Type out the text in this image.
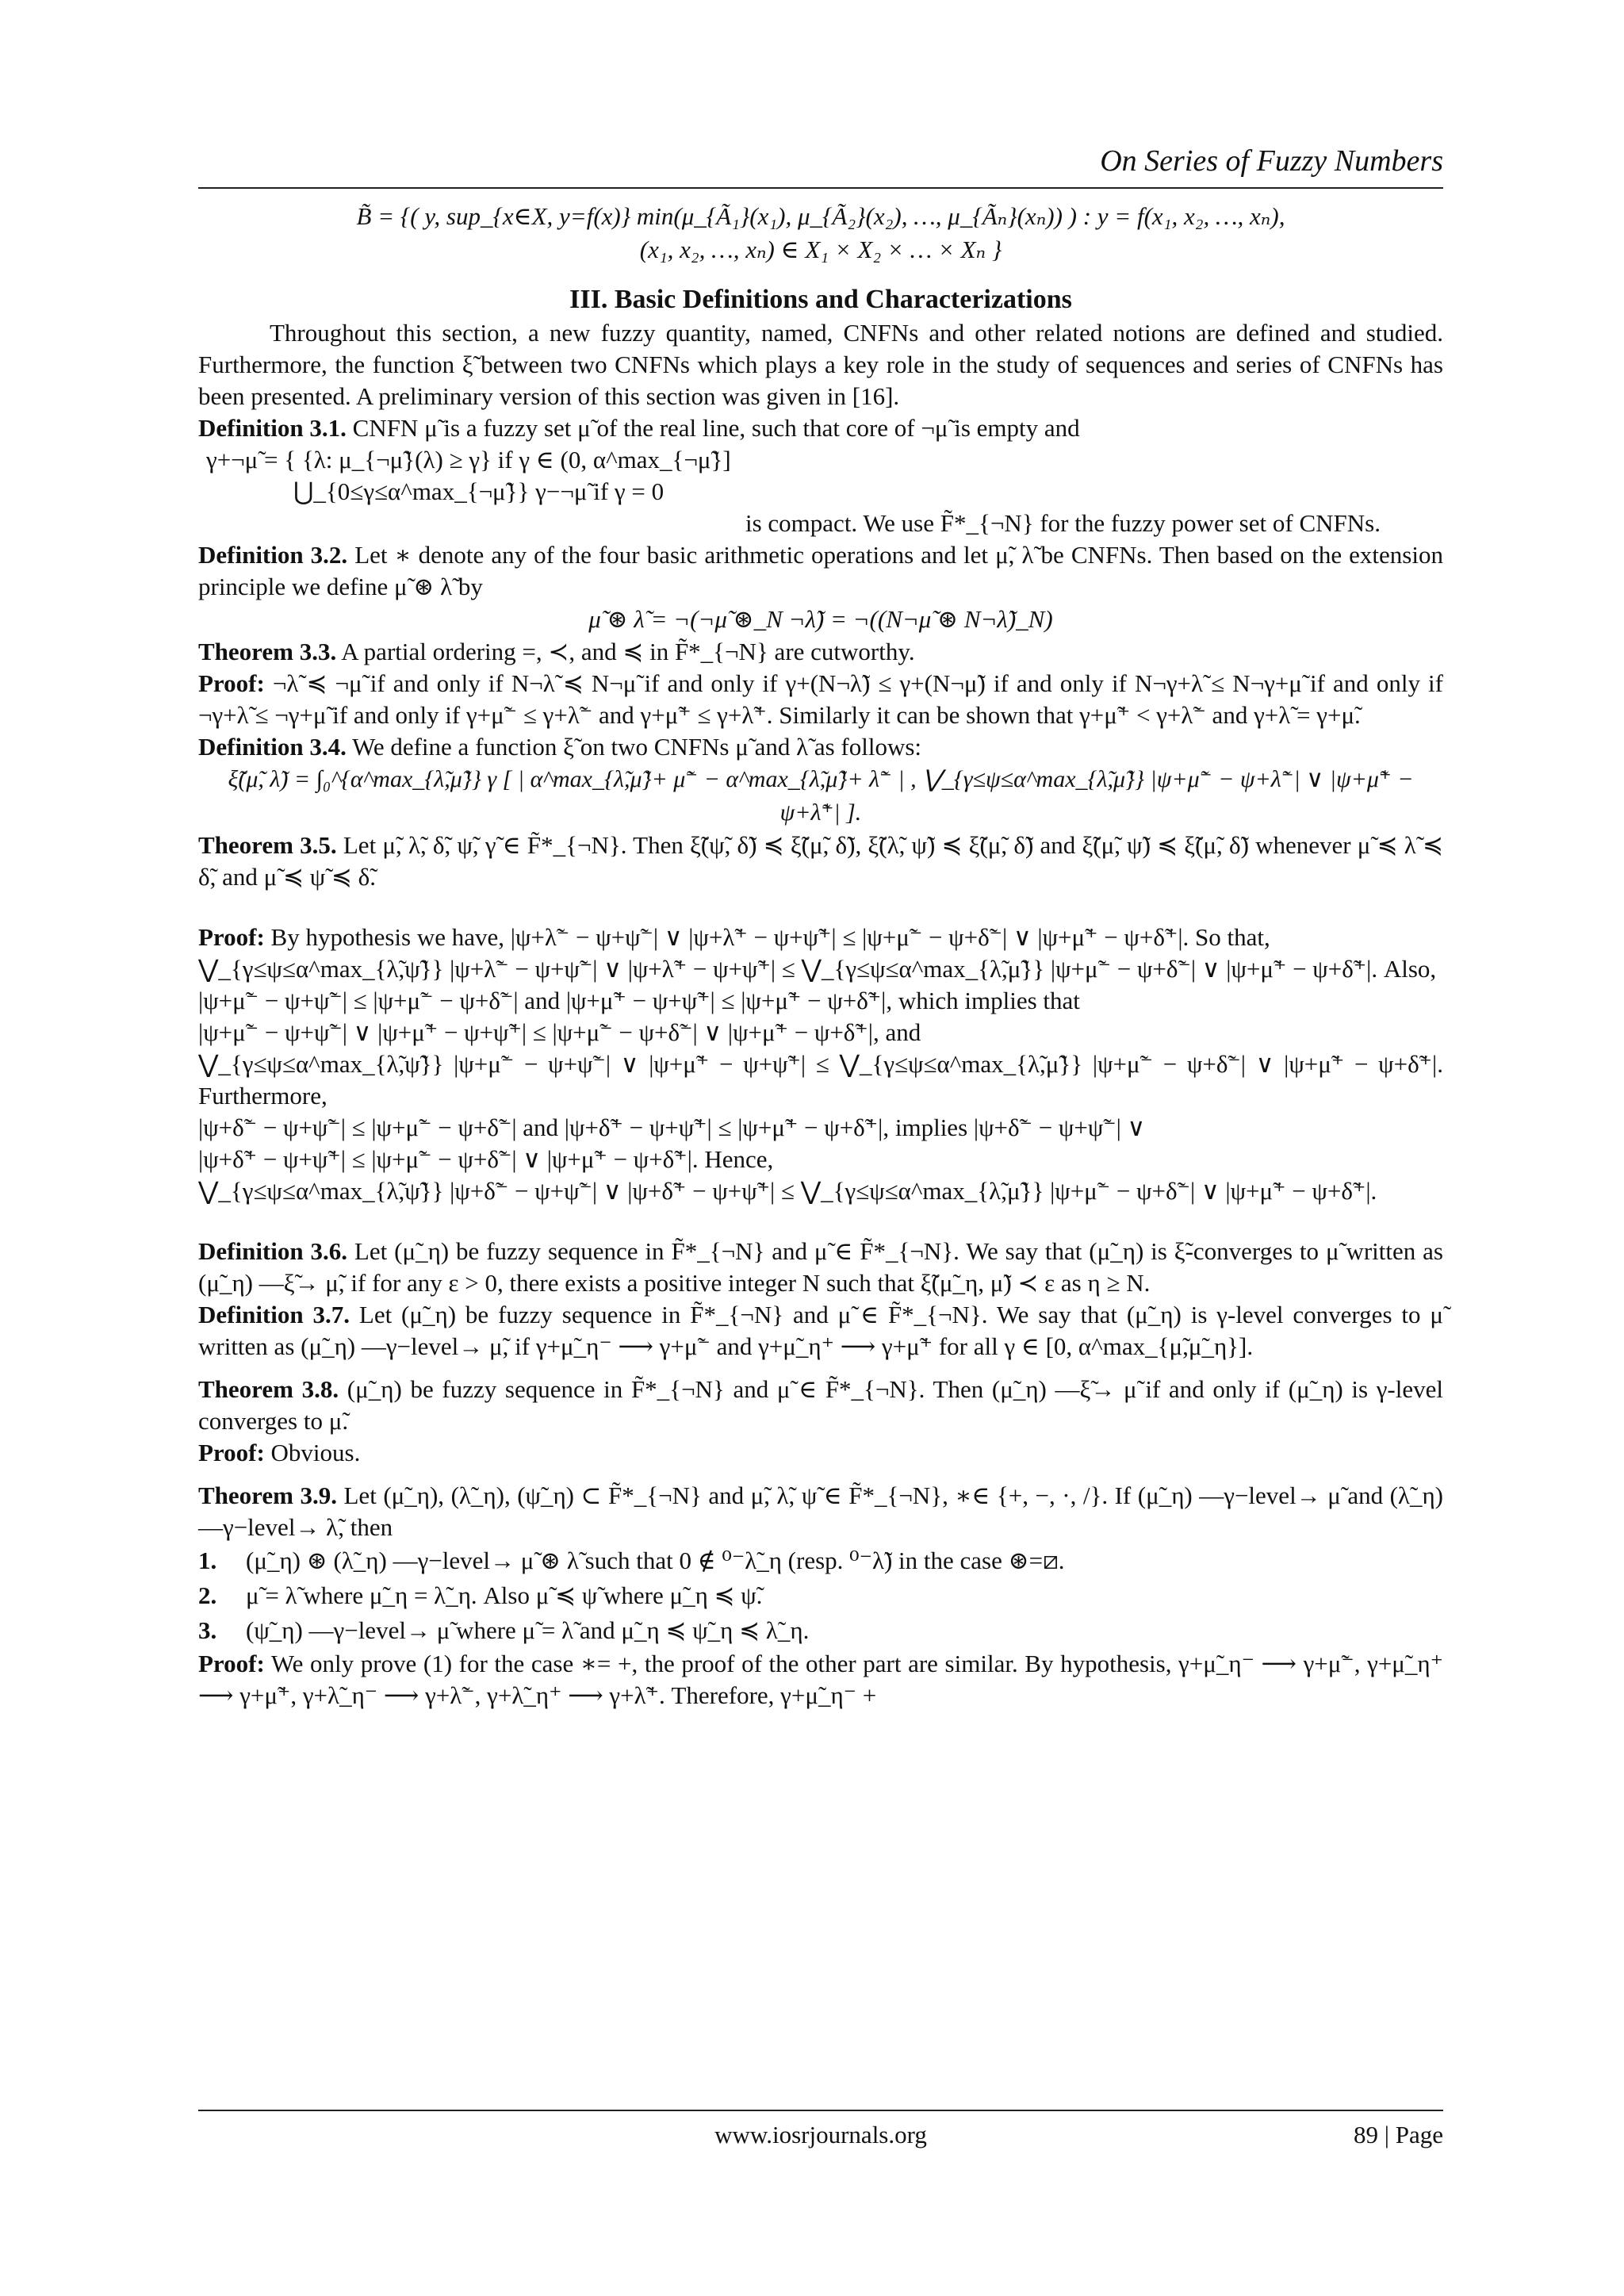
On Series of Fuzzy Numbers
B̃ = {( y, sup_{x∈X, y=f(x)} min(μ_{Ã₁}(x₁), μ_{Ã₂}(x₂), …, μ_{Ãₙ}(xₙ)) ) : y = f(x₁, x₂, …, xₙ),
(x₁, x₂, …, xₙ) ∈ X₁ × X₂ × … × Xₙ }
III. Basic Definitions and Characterizations

Throughout this section, a new fuzzy quantity, named, CNFNs and other related notions are defined and studied. Furthermore, the function ξ̃ between two CNFNs which plays a key role in the study of sequences and series of CNFNs has been presented. A preliminary version of this section was given in [16].

Definition 3.1. CNFN μ̃ is a fuzzy set μ̃ of the real line, such that core of ¬μ̃ is empty and

γ+¬μ̃ = { {λ: μ_{¬μ̃}(λ) ≥ γ} if γ ∈ (0, α^max_{¬μ̃}]

⋃_{0≤γ≤α^max_{¬μ̃}} γ−¬μ̃ if γ = 0

is compact. We use F̃*_{¬N} for the fuzzy power set of CNFNs.

Definition 3.2. Let ∗ denote any of the four basic arithmetic operations and let μ̃, λ̃ be CNFNs. Then based on the extension principle we define μ̃ ⊛ λ̃ by

μ̃ ⊛ λ̃ = ¬(¬μ̃ ⊛_N ¬λ̃) = ¬((N¬μ̃ ⊛ N¬λ̃)_N)

Theorem 3.3. A partial ordering =, ≺, and ≼ in F̃*_{¬N} are cutworthy.

Proof: ¬λ̃ ≼ ¬μ̃ if and only if N¬λ̃ ≼ N¬μ̃ if and only if γ+(N¬λ̃) ≤ γ+(N¬μ̃) if and only if N¬γ+λ̃ ≤ N¬γ+μ̃ if and only if ¬γ+λ̃ ≤ ¬γ+μ̃ if and only if γ+μ̃⁻ ≤ γ+λ̃⁻ and γ+μ̃⁺ ≤ γ+λ̃⁺. Similarly it can be shown that γ+μ̃⁺ < γ+λ̃⁻ and γ+λ̃ = γ+μ̃.

Definition 3.4. We define a function ξ̃ on two CNFNs μ̃ and λ̃ as follows:

ξ̃(μ̃, λ̃) = ∫₀^{α^max_{λ̃,μ̃}} γ [ | α^max_{λ̃,μ̃}+ μ̃⁻ − α^max_{λ̃,μ̃}+ λ̃⁻ | , ⋁_{γ≤ψ≤α^max_{λ̃,μ̃}} |ψ+μ̃⁻ − ψ+λ̃⁻| ∨ |ψ+μ̃⁺ − ψ+λ̃⁺| ].

Theorem 3.5. Let μ̃, λ̃, δ̃, ψ̃, γ̃ ∈ F̃*_{¬N}. Then ξ̃(ψ̃, δ̃) ≼ ξ̃(μ̃, δ̃), ξ̃(λ̃, ψ̃) ≼ ξ̃(μ̃, δ̃) and ξ̃(μ̃, ψ̃) ≼ ξ̃(μ̃, δ̃) whenever μ̃ ≼ λ̃ ≼ δ̃, and μ̃ ≼ ψ̃ ≼ δ̃.

Proof: By hypothesis we have, |ψ+λ̃⁻ − ψ+ψ̃⁻| ∨ |ψ+λ̃⁺ − ψ+ψ̃⁺| ≤ |ψ+μ̃⁻ − ψ+δ̃⁻| ∨ |ψ+μ̃⁺ − ψ+δ̃⁺|. So that,

⋁_{γ≤ψ≤α^max_{λ̃,ψ̃}} |ψ+λ̃⁻ − ψ+ψ̃⁻| ∨ |ψ+λ̃⁺ − ψ+ψ̃⁺| ≤ ⋁_{γ≤ψ≤α^max_{λ̃,μ̃}} |ψ+μ̃⁻ − ψ+δ̃⁻| ∨ |ψ+μ̃⁺ − ψ+δ̃⁺|. Also,

|ψ+μ̃⁻ − ψ+ψ̃⁻| ≤ |ψ+μ̃⁻ − ψ+δ̃⁻| and |ψ+μ̃⁺ − ψ+ψ̃⁺| ≤ |ψ+μ̃⁺ − ψ+δ̃⁺|, which implies that

|ψ+μ̃⁻ − ψ+ψ̃⁻| ∨ |ψ+μ̃⁺ − ψ+ψ̃⁺| ≤ |ψ+μ̃⁻ − ψ+δ̃⁻| ∨ |ψ+μ̃⁺ − ψ+δ̃⁺|, and

⋁_{γ≤ψ≤α^max_{λ̃,ψ̃}} |ψ+μ̃⁻ − ψ+ψ̃⁻| ∨ |ψ+μ̃⁺ − ψ+ψ̃⁺| ≤ ⋁_{γ≤ψ≤α^max_{λ̃,μ̃}} |ψ+μ̃⁻ − ψ+δ̃⁻| ∨ |ψ+μ̃⁺ − ψ+δ̃⁺|. Furthermore,

|ψ+δ̃⁻ − ψ+ψ̃⁻| ≤ |ψ+μ̃⁻ − ψ+δ̃⁻| and |ψ+δ̃⁺ − ψ+ψ̃⁺| ≤ |ψ+μ̃⁺ − ψ+δ̃⁺|, implies |ψ+δ̃⁻ − ψ+ψ̃⁻| ∨

|ψ+δ̃⁺ − ψ+ψ̃⁺| ≤ |ψ+μ̃⁻ − ψ+δ̃⁻| ∨ |ψ+μ̃⁺ − ψ+δ̃⁺|. Hence,

⋁_{γ≤ψ≤α^max_{λ̃,ψ̃}} |ψ+δ̃⁻ − ψ+ψ̃⁻| ∨ |ψ+δ̃⁺ − ψ+ψ̃⁺| ≤ ⋁_{γ≤ψ≤α^max_{λ̃,μ̃}} |ψ+μ̃⁻ − ψ+δ̃⁻| ∨ |ψ+μ̃⁺ − ψ+δ̃⁺|.

Definition 3.6. Let (μ̃_η) be fuzzy sequence in F̃*_{¬N} and μ̃ ∈ F̃*_{¬N}. We say that (μ̃_η) is ξ̃-converges to μ̃ written as (μ̃_η) —ξ̃→ μ̃, if for any ε > 0, there exists a positive integer N such that ξ̃(μ̃_η, μ̃) ≺ ε as η ≥ N.

Definition 3.7. Let (μ̃_η) be fuzzy sequence in F̃*_{¬N} and μ̃ ∈ F̃*_{¬N}. We say that (μ̃_η) is γ-level converges to μ̃ written as (μ̃_η) —γ−level→ μ̃, if γ+μ̃_η⁻ ⟶ γ+μ̃⁻ and γ+μ̃_η⁺ ⟶ γ+μ̃⁺ for all γ ∈ [0, α^max_{μ̃,μ̃_η}].

Theorem 3.8. (μ̃_η) be fuzzy sequence in F̃*_{¬N} and μ̃ ∈ F̃*_{¬N}. Then (μ̃_η) —ξ̃→ μ̃ if and only if (μ̃_η) is γ-level converges to μ̃.

Proof: Obvious.

Theorem 3.9. Let (μ̃_η), (λ̃_η), (ψ̃_η) ⊂ F̃*_{¬N} and μ̃, λ̃, ψ̃ ∈ F̃*_{¬N}, ∗∈ {+, −, ·, /}. If (μ̃_η) —γ−level→ μ̃ and (λ̃_η) —γ−level→ λ̃, then

1. (μ̃_η) ⊛ (λ̃_η) —γ−level→ μ̃ ⊛ λ̃ such that 0 ∉ ⁰⁻λ̃_η (resp. ⁰⁻λ̃) in the case ⊛=⧄.
2. μ̃ = λ̃ where μ̃_η = λ̃_η. Also μ̃ ≼ ψ̃ where μ̃_η ≼ ψ̃.
3. (ψ̃_η) —γ−level→ μ̃ where μ̃ = λ̃ and μ̃_η ≼ ψ̃_η ≼ λ̃_η.

Proof: We only prove (1) for the case ∗= +, the proof of the other part are similar. By hypothesis, γ+μ̃_η⁻ ⟶ γ+μ̃⁻, γ+μ̃_η⁺ ⟶ γ+μ̃⁺, γ+λ̃_η⁻ ⟶ γ+λ̃⁻, γ+λ̃_η⁺ ⟶ γ+λ̃⁺. Therefore, γ+μ̃_η⁻ +

www.iosrjournals.org	89 | Page
